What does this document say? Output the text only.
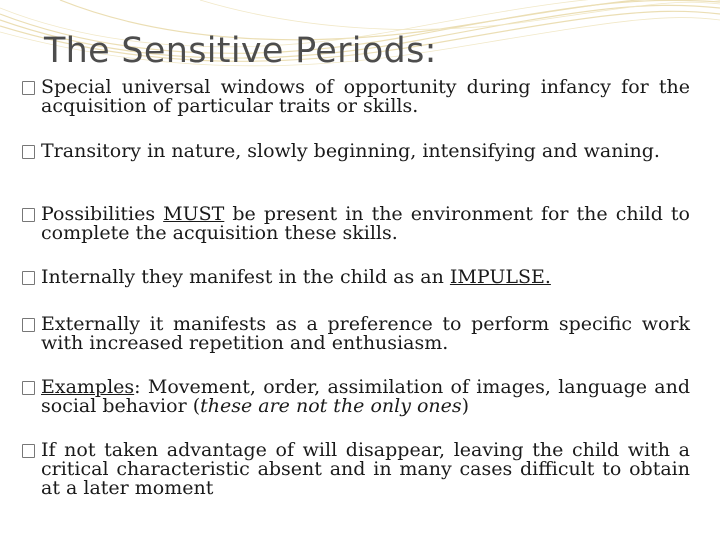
The Sensitive Periods:
Special universal windows of opportunity during infancy for the acquisition of particular traits or skills.
Transitory in nature, slowly beginning, intensifying and waning.
Possibilities MUST be present in the environment for the child to complete the acquisition these skills.
Internally they manifest in the child as an IMPULSE.
Externally it manifests as a preference to perform specific work with increased repetition and enthusiasm.
Examples: Movement, order, assimilation of images, language and social behavior (these are not the only ones)
If not taken advantage of will disappear, leaving the child with a critical characteristic absent and in many cases difficult to obtain at a later moment
